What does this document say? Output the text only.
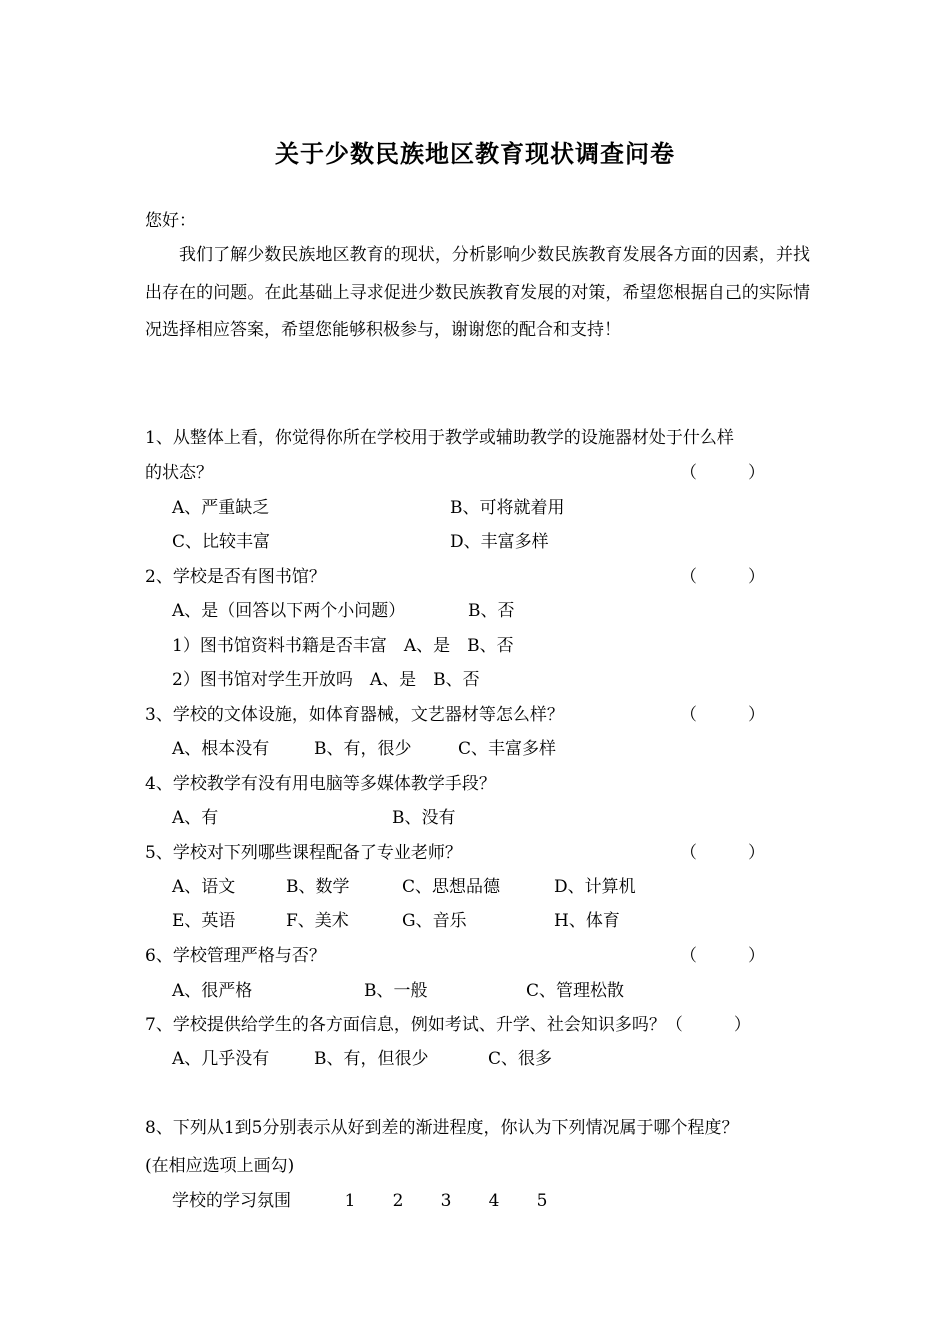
关于少数民族地区教育现状调查问卷
您好：
我们了解少数民族地区教育的现状，分析影响少数民族教育发展各方面的因素，并找出存在的问题。在此基础上寻求促进少数民族教育发展的对策，希望您根据自己的实际情况选择相应答案，希望您能够积极参与，谢谢您的配合和支持！
1、从整体上看，你觉得你所在学校用于教学或辅助教学的设施器材处于什么样
的状态？	（　　　）
A、严重缺乏	B、可将就着用
C、比较丰富	D、丰富多样
2、学校是否有图书馆？	（　　　）
A、是（回答以下两个小问题）	B、否
1）图书馆资料书籍是否丰富　A、是　B、否
2）图书馆对学生开放吗　A、是　B、否
3、学校的文体设施，如体育器械，文艺器材等怎么样？	（　　　）
A、根本没有	B、有，很少	C、丰富多样
4、学校教学有没有用电脑等多媒体教学手段？
A、有	B、没有
5、学校对下列哪些课程配备了专业老师？	（　　　）
A、语文	B、数学	C、思想品德	D、计算机
E、英语	F、美术	G、音乐	H、体育
6、学校管理严格与否？	（　　　）
A、很严格	B、一般	C、管理松散
7、学校提供给学生的各方面信息，例如考试、升学、社会知识多吗？（　　　）
A、几乎没有	B、有，但很少	C、很多
8、下列从1到5分别表示从好到差的渐进程度，你认为下列情况属于哪个程度？
(在相应选项上画勾)
学校的学习氛围	1 2 3 4 5
